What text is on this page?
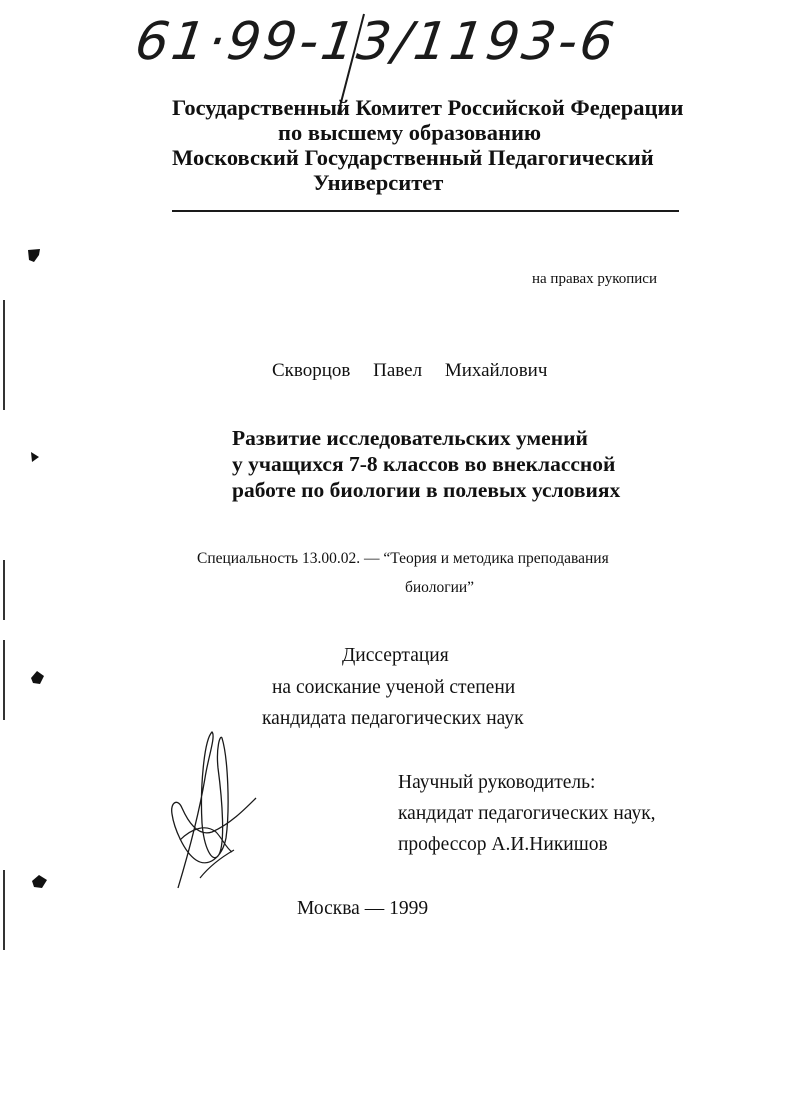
61·99-13/1193-6
Государственный Комитет Российской Федерации
по высшему образованию
Московский Государственный Педагогический
Университет
на правах рукописи
Скворцов Павел Михайлович
Развитие исследовательских умений
у учащихся 7-8 классов во внеклассной
работе по биологии в полевых условиях
Специальность 13.00.02. — “Теория и методика преподавания
биологии”
Диссертация
на соискание ученой степени
кандидата педагогических наук
Научный руководитель:
кандидат педагогических наук,
профессор А.И.Никишов
Москва — 1999
